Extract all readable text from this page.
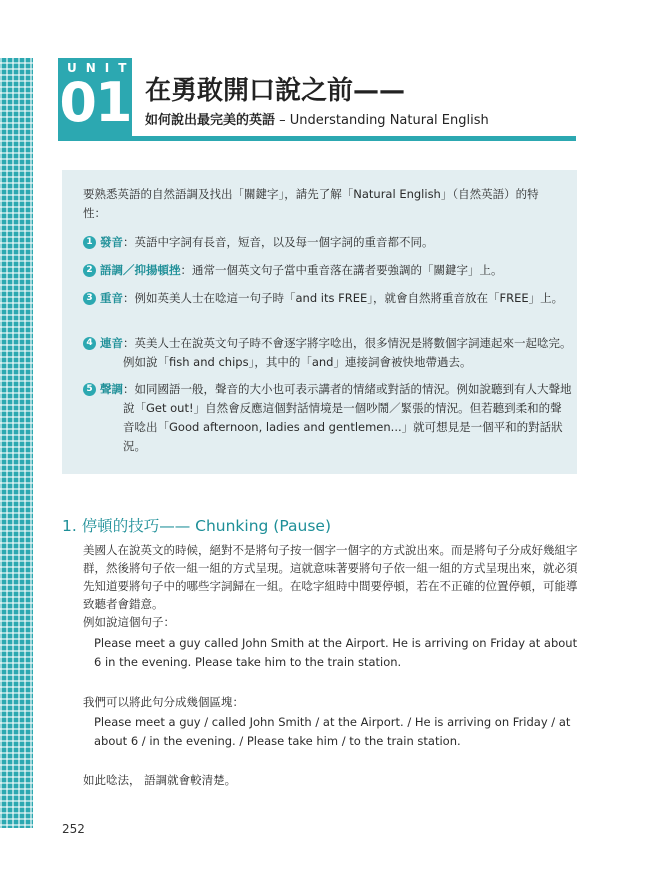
UNIT
01 在勇敢開口說之前——
如何說出最完美的英語 – Understanding Natural English
要熟悉英語的自然語調及找出「關鍵字」，請先了解「Natural English」（自然英語）的特性：
1 發音 ：英語中字詞有長音，短音，以及每一個字詞的重音都不同。
2 語調／抑揚頓挫 ：通常一個英文句子當中重音落在講者要強調的「關鍵字」上。
3 重音 ：例如英美人士在唸這一句子時「and its FREE」，就會自然將重音放在「FREE」上。
4 連音 ：英美人士在說英文句子時不會逐字將字唸出，很多情況是將數個字詞連起來一起唸完。例如說「fish and chips」，其中的「and」連接詞會被快地帶過去。
5 聲調 ：如同國語一般，聲音的大小也可表示講者的情緒或對話的情況。例如說聽到有人大聲地說「Get out!」自然會反應這個對話情境是一個吵鬧／緊張的情況。但若聽到柔和的聲音唸出「Good afternoon, ladies and gentlemen...」就可想見是一個平和的對話狀況。
1. 停頓的技巧—— Chunking (Pause)
美國人在說英文的時候，絕對不是將句子按一個字一個字的方式說出來。而是將句子分成好幾組字群，然後將句子依一組一組的方式呈現。這就意味著要將句子依一組一組的方式呈現出來，就必須先知道要將句子中的哪些字詞歸在一組。在唸字組時中間要停頓，若在不正確的位置停頓，可能導致聽者會錯意。
例如說這個句子：
Please meet a guy called John Smith at the Airport. He is arriving on Friday at about 6 in the evening. Please take him to the train station.
我們可以將此句分成幾個區塊：
Please meet a guy / called John Smith / at the Airport. / He is arriving on Friday / at about 6 / in the evening. / Please take him / to the train station.
如此唸法， 語調就會較清楚。
252
